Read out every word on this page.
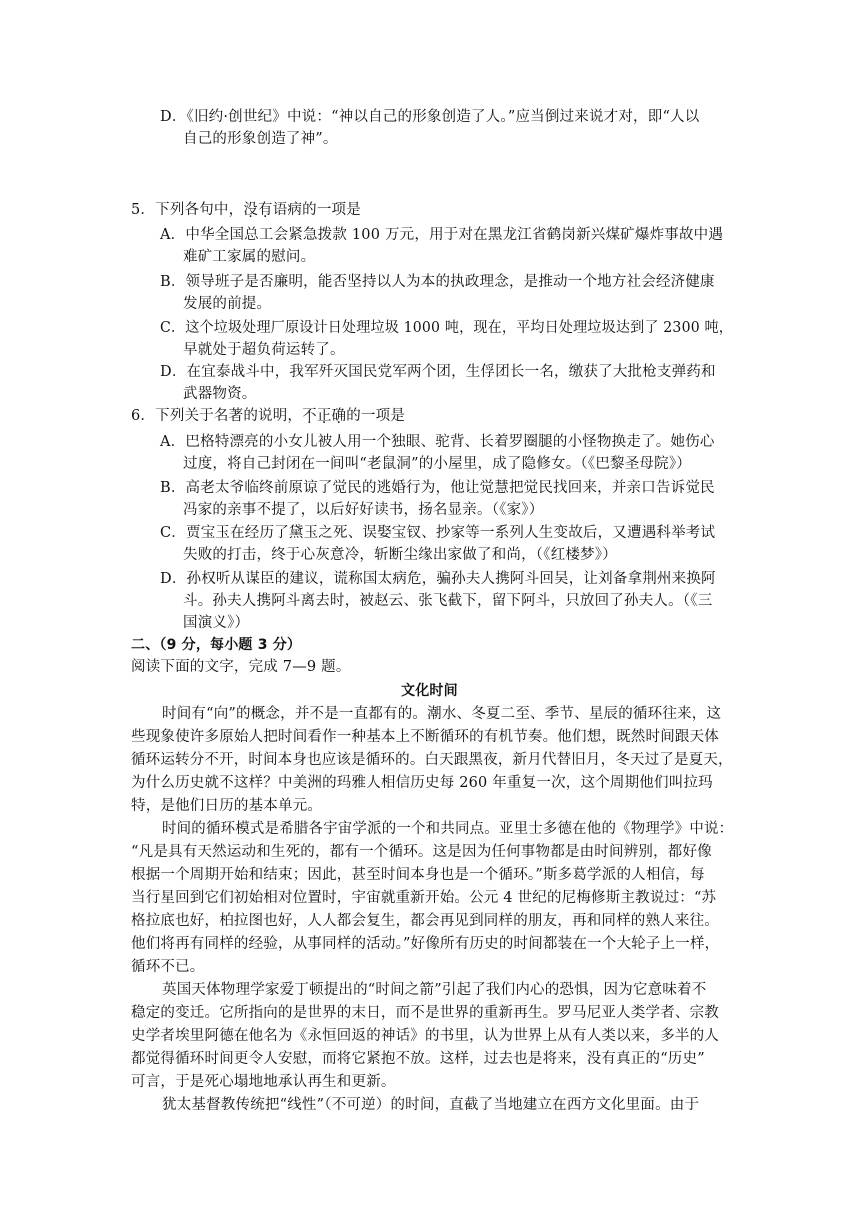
D．《旧约·创世纪》中说：“神以自己的形象创造了人。”应当倒过来说才对，即“人以
自己的形象创造了神”。
5．下列各句中，没有语病的一项是
A．中华全国总工会紧急拨款 100 万元，用于对在黑龙江省鹤岗新兴煤矿爆炸事故中遇
难矿工家属的慰问。
B．领导班子是否廉明，能否坚持以人为本的执政理念，是推动一个地方社会经济健康
发展的前提。
C．这个垃圾处理厂原设计日处理垃圾 1000 吨，现在，平均日处理垃圾达到了 2300 吨，
早就处于超负荷运转了。
D．在宜泰战斗中，我军歼灭国民党军两个团，生俘团长一名，缴获了大批枪支弹药和
武器物资。
6．下列关于名著的说明，不正确的一项是
A．巴格特漂亮的小女儿被人用一个独眼、驼背、长着罗圈腿的小怪物换走了。她伤心
过度，将自己封闭在一间叫“老鼠洞”的小屋里，成了隐修女。（《巴黎圣母院》）
B．高老太爷临终前原谅了觉民的逃婚行为，他让觉慧把觉民找回来，并亲口告诉觉民
冯家的亲事不提了，以后好好读书，扬名显亲。（《家》）
C．贾宝玉在经历了黛玉之死、误娶宝钗、抄家等一系列人生变故后，又遭遇科举考试
失败的打击，终于心灰意冷，斩断尘缘出家做了和尚，（《红楼梦》）
D．孙权听从谋臣的建议，谎称国太病危，骗孙夫人携阿斗回吴，让刘备拿荆州来换阿
斗。孙夫人携阿斗离去时，被赵云、张飞截下，留下阿斗，只放回了孙夫人。（《三
国演义》）
二、（9 分，每小题 3 分）
阅读下面的文字，完成 7—9 题。
文化时间
时间有“向”的概念，并不是一直都有的。潮水、冬夏二至、季节、星辰的循环往来，这
些现象使许多原始人把时间看作一种基本上不断循环的有机节奏。他们想，既然时间跟天体
循环运转分不开，时间本身也应该是循环的。白天跟黑夜，新月代替旧月，冬天过了是夏天，
为什么历史就不这样？中美洲的玛雅人相信历史每 260 年重复一次，这个周期他们叫拉玛
特，是他们日历的基本单元。
时间的循环模式是希腊各宇宙学派的一个和共同点。亚里士多德在他的《物理学》中说：
“凡是具有天然运动和生死的，都有一个循环。这是因为任何事物都是由时间辨别，都好像
根据一个周期开始和结束；因此，甚至时间本身也是一个循环。”斯多葛学派的人相信，每
当行星回到它们初始相对位置时，宇宙就重新开始。公元 4 世纪的尼梅修斯主教说过：“苏
格拉底也好，柏拉图也好，人人都会复生，都会再见到同样的朋友，再和同样的熟人来往。
他们将再有同样的经验，从事同样的活动。”好像所有历史的时间都装在一个大轮子上一样，
循环不已。
英国天体物理学家爱丁顿提出的“时间之箭”引起了我们内心的恐惧，因为它意味着不
稳定的变迁。它所指向的是世界的末日，而不是世界的重新再生。罗马尼亚人类学者、宗教
史学者埃里阿德在他名为《永恒回返的神话》的书里，认为世界上从有人类以来，多半的人
都觉得循环时间更令人安慰，而将它紧抱不放。这样，过去也是将来，没有真正的“历史”
可言，于是死心塌地地承认再生和更新。
犹太基督教传统把“线性”（不可逆）的时间，直截了当地建立在西方文化里面。由于
